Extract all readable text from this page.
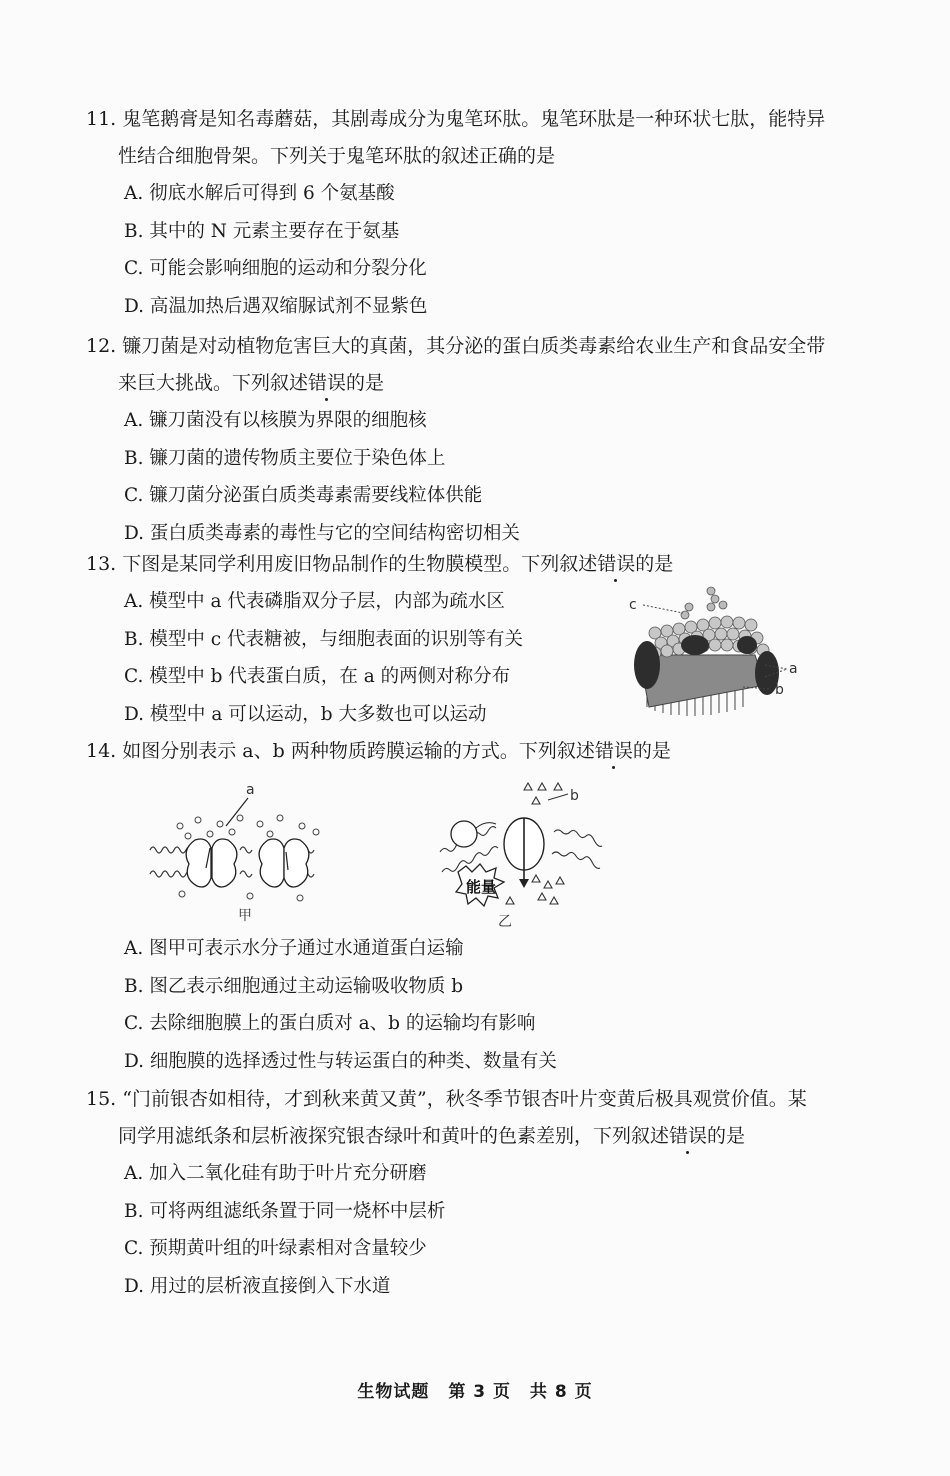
11. 鬼笔鹅膏是知名毒蘑菇，其剧毒成分为鬼笔环肽。鬼笔环肽是一种环状七肽，能特异
性结合细胞骨架。下列关于鬼笔环肽的叙述正确的是

A. 彻底水解后可得到 6 个氨基酸
B. 其中的 N 元素主要存在于氨基
C. 可能会影响细胞的运动和分裂分化
D. 高温加热后遇双缩脲试剂不显紫色

12. 镰刀菌是对动植物危害巨大的真菌，其分泌的蛋白质类毒素给农业生产和食品安全带
来巨大挑战。下列叙述错误的是

A. 镰刀菌没有以核膜为界限的细胞核
B. 镰刀菌的遗传物质主要位于染色体上
C. 镰刀菌分泌蛋白质类毒素需要线粒体供能
D. 蛋白质类毒素的毒性与它的空间结构密切相关

13. 下图是某同学利用废旧物品制作的生物膜模型。下列叙述错误的是

A. 模型中 a 代表磷脂双分子层，内部为疏水区
B. 模型中 c 代表糖被，与细胞表面的识别等有关
C. 模型中 b 代表蛋白质，在 a 的两侧对称分布
D. 模型中 a 可以运动，b 大多数也可以运动
c
a
b

14. 如图分别表示 a、b 两种物质跨膜运输的方式。下列叙述错误的是

a
甲
能量
b
乙
A. 图甲可表示水分子通过水通道蛋白运输
B. 图乙表示细胞通过主动运输吸收物质 b
C. 去除细胞膜上的蛋白质对 a、b 的运输均有影响
D. 细胞膜的选择透过性与转运蛋白的种类、数量有关

15. “门前银杏如相待，才到秋来黄又黄”，秋冬季节银杏叶片变黄后极具观赏价值。某
同学用滤纸条和层析液探究银杏绿叶和黄叶的色素差别，下列叙述错误的是

A. 加入二氧化硅有助于叶片充分研磨
B. 可将两组滤纸条置于同一烧杯中层析
C. 预期黄叶组的叶绿素相对含量较少
D. 用过的层析液直接倒入下水道
生物试题 第 3 页 共 8 页
